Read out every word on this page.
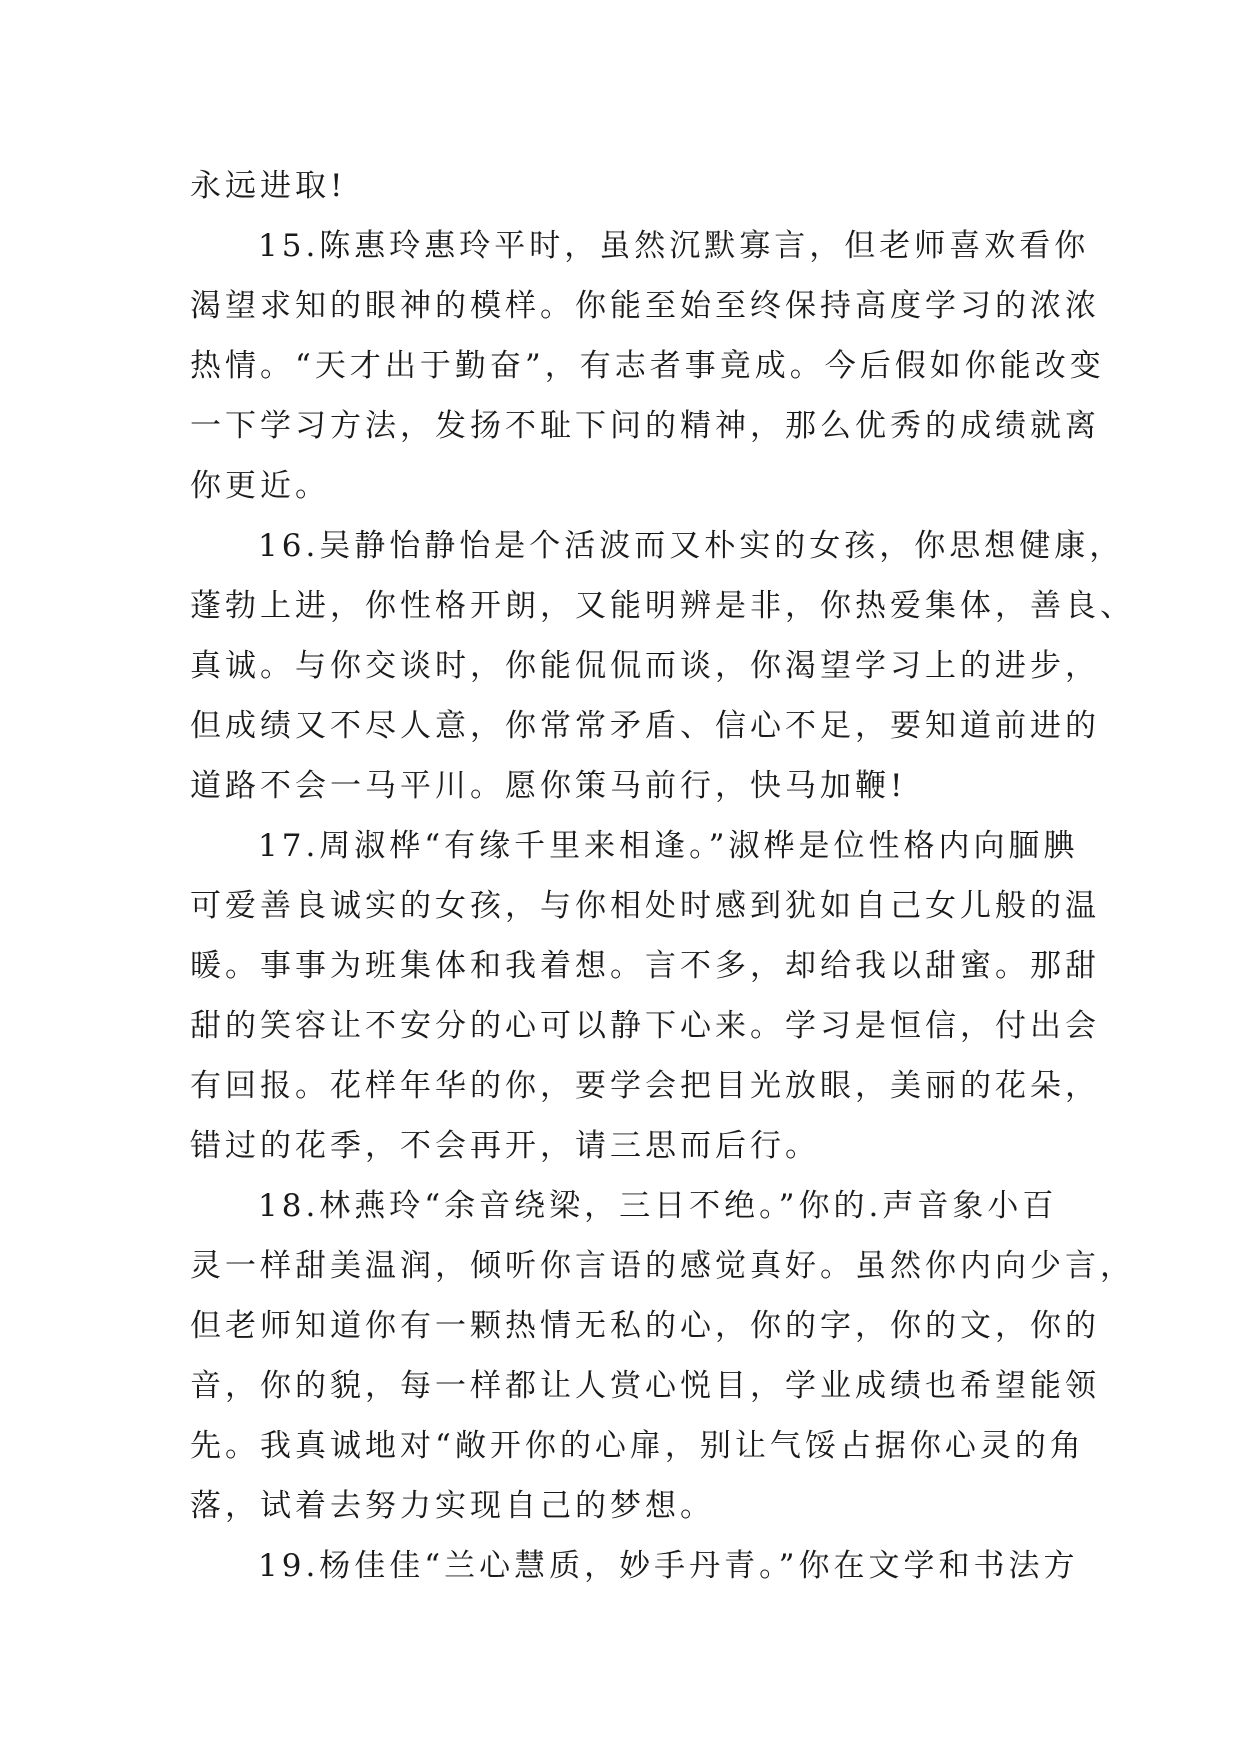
永远进取!
15.陈惠玲惠玲平时，虽然沉默寡言，但老师喜欢看你
渴望求知的眼神的模样。你能至始至终保持高度学习的浓浓
热情。“天才出于勤奋”，有志者事竟成。今后假如你能改变
一下学习方法，发扬不耻下问的精神，那么优秀的成绩就离
你更近。
16.吴静怡静怡是个活波而又朴实的女孩，你思想健康，
蓬勃上进，你性格开朗，又能明辨是非，你热爱集体，善良、
真诚。与你交谈时，你能侃侃而谈，你渴望学习上的进步，
但成绩又不尽人意，你常常矛盾、信心不足，要知道前进的
道路不会一马平川。愿你策马前行，快马加鞭!
17.周淑桦“有缘千里来相逢。”淑桦是位性格内向腼腆
可爱善良诚实的女孩，与你相处时感到犹如自己女儿般的温
暖。事事为班集体和我着想。言不多，却给我以甜蜜。那甜
甜的笑容让不安分的心可以静下心来。学习是恒信，付出会
有回报。花样年华的你，要学会把目光放眼，美丽的花朵，
错过的花季，不会再开，请三思而后行。
18.林燕玲“余音绕梁，三日不绝。”你的.声音象小百
灵一样甜美温润，倾听你言语的感觉真好。虽然你内向少言，
但老师知道你有一颗热情无私的心，你的字，你的文，你的
音，你的貌，每一样都让人赏心悦目，学业成绩也希望能领
先。我真诚地对“敞开你的心扉，别让气馁占据你心灵的角
落，试着去努力实现自己的梦想。
19.杨佳佳“兰心慧质，妙手丹青。”你在文学和书法方
